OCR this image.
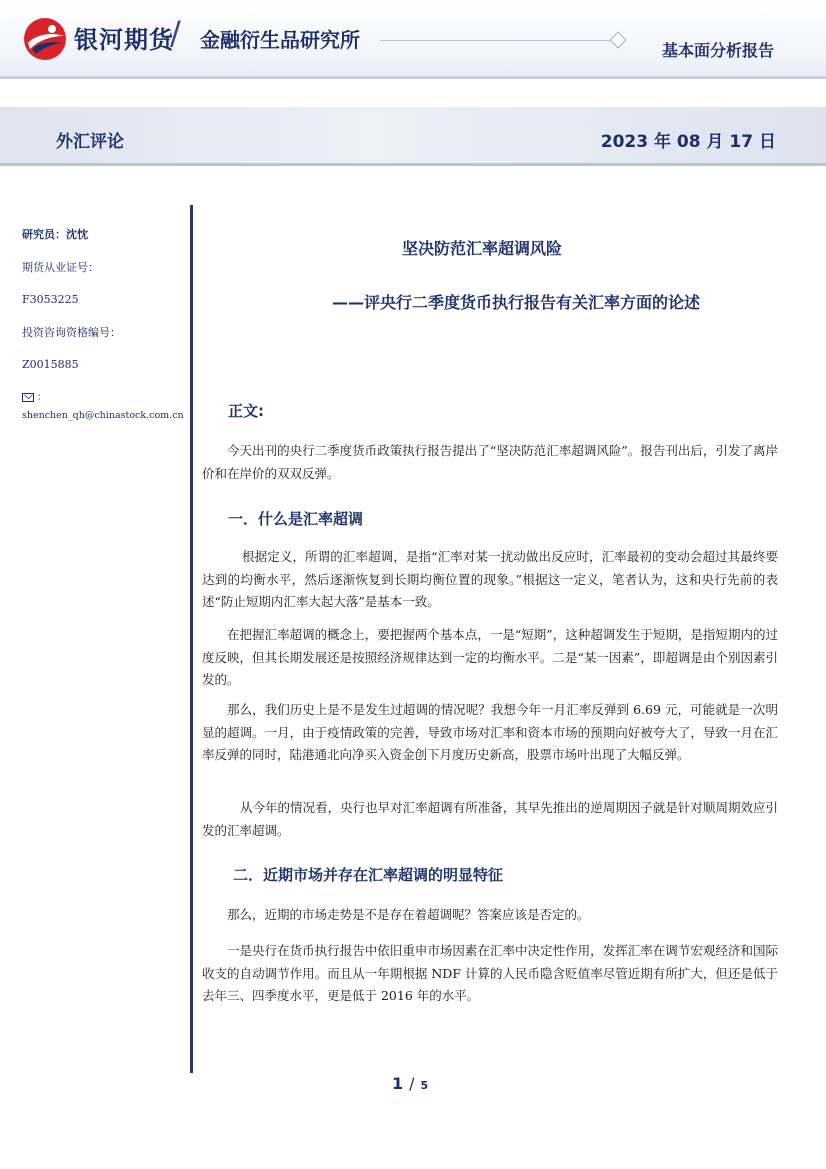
银河期货
/ 金融衍生品研究所	基本面分析报告
外汇评论	2023 年 08 月 17 日
研究员：沈忱
期货从业证号：
F3053225
投资咨询资格编号：
Z0015885
：shenchen_qh@chinastock.com.cn
坚决防范汇率超调风险
——评央行二季度货币执行报告有关汇率方面的论述
正文:
今天出刊的央行二季度货币政策执行报告提出了“坚决防范汇率超调风险”。报告刊出后，引发了离岸价和在岸价的双双反弹。
一．什么是汇率超调
根据定义，所谓的汇率超调，是指“汇率对某一扰动做出反应时，汇率最初的变动会超过其最终要达到的均衡水平，然后逐渐恢复到长期均衡位置的现象。”根据这一定义，笔者认为，这和央行先前的表述“防止短期内汇率大起大落”是基本一致。
在把握汇率超调的概念上，要把握两个基本点，一是“短期”，这种超调发生于短期，是指短期内的过度反映，但其长期发展还是按照经济规律达到一定的均衡水平。二是“某一因素”，即超调是由个别因素引发的。
那么，我们历史上是不是发生过超调的情况呢？我想今年一月汇率反弹到 6.69 元，可能就是一次明显的超调。一月，由于疫情政策的完善，导致市场对汇率和资本市场的预期向好被夸大了，导致一月在汇率反弹的同时，陆港通北向净买入资金创下月度历史新高，股票市场叶出现了大幅反弹。
从今年的情况看，央行也早对汇率超调有所准备，其早先推出的逆周期因子就是针对顺周期效应引发的汇率超调。
二．近期市场并存在汇率超调的明显特征
那么，近期的市场走势是不是存在着超调呢？答案应该是否定的。
一是央行在货币执行报告中依旧重申市场因素在汇率中决定性作用，发挥汇率在调节宏观经济和国际收支的自动调节作用。而且从一年期根据 NDF 计算的人民币隐含贬值率尽管近期有所扩大，但还是低于去年三、四季度水平，更是低于 2016 年的水平。
1 / 5
